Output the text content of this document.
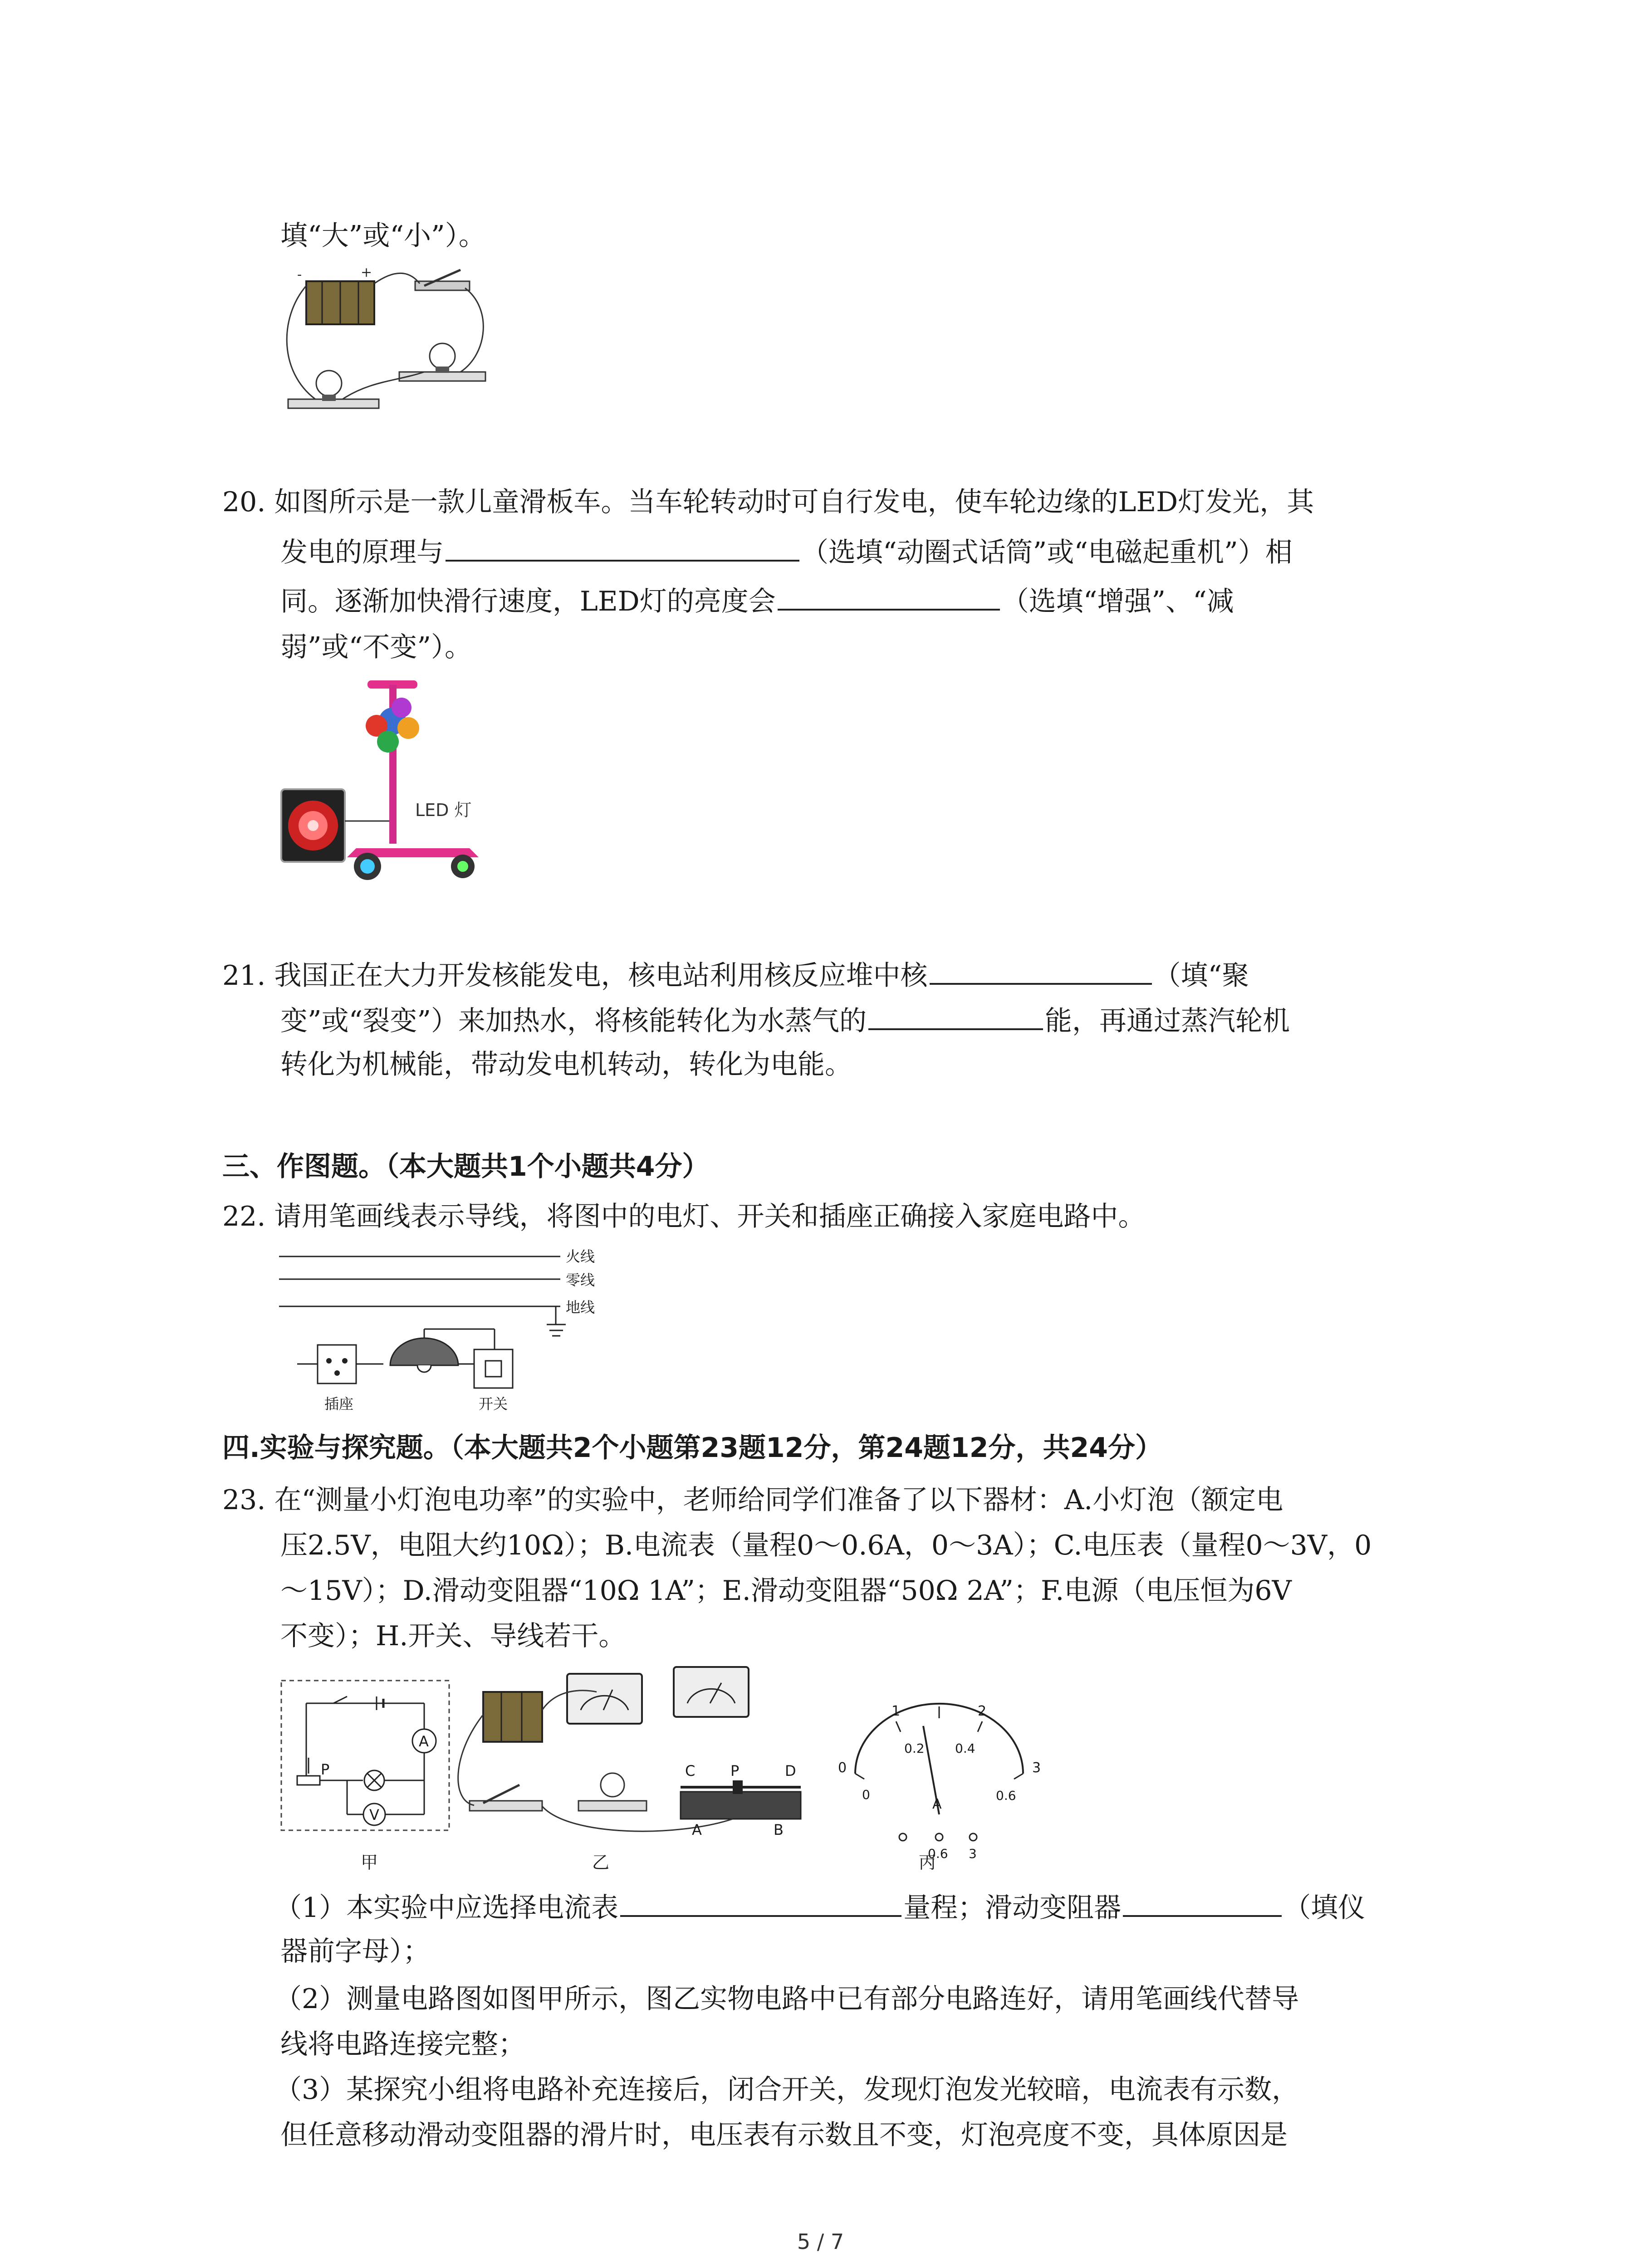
填“大”或“小”）。
-	+
20. 如图所示是一款儿童滑板车。当车轮转动时可自行发电，使车轮边缘的LED灯发光，其
发电的原理与	（选填“动圈式话筒”或“电磁起重机”）相
同。逐渐加快滑行速度，LED灯的亮度会	（选填“增强”、“减
弱”或“不变”）。
LED 灯
21. 我国正在大力开发核能发电，核电站利用核反应堆中核	（填“聚
变”或“裂变”）来加热水，将核能转化为水蒸气的	能，再通过蒸汽轮机
转化为机械能，带动发电机转动，转化为电能。
三、作图题。（本大题共1个小题共4分）
22. 请用笔画线表示导线，将图中的电灯、开关和插座正确接入家庭电路中。
火线
零线
地线
插座	开关
四.实验与探究题。（本大题共2个小题第23题12分，第24题12分，共24分）
23. 在“测量小灯泡电功率”的实验中，老师给同学们准备了以下器材：A.小灯泡（额定电
压2.5V，电阻大约10Ω）；B.电流表（量程0～0.6A，0～3A）；C.电压表（量程0～3V，0
～15V）；D.滑动变阻器“10Ω 1A”；E.滑动变阻器“50Ω 2A”；F.电源（电压恒为6V
不变）；H.开关、导线若干。
A
V
P	C P	D
A	B
0
1	2
3
0
0.2 0.4
0.6
A
0.6 3
甲	乙	丙
（1）本实验中应选择电流表	量程；滑动变阻器	（填仪
器前字母）；
（2）测量电路图如图甲所示，图乙实物电路中已有部分电路连好，请用笔画线代替导
线将电路连接完整；
（3）某探究小组将电路补充连接后，闭合开关，发现灯泡发光较暗，电流表有示数，
但任意移动滑动变阻器的滑片时，电压表有示数且不变，灯泡亮度不变，具体原因是
5 / 7
